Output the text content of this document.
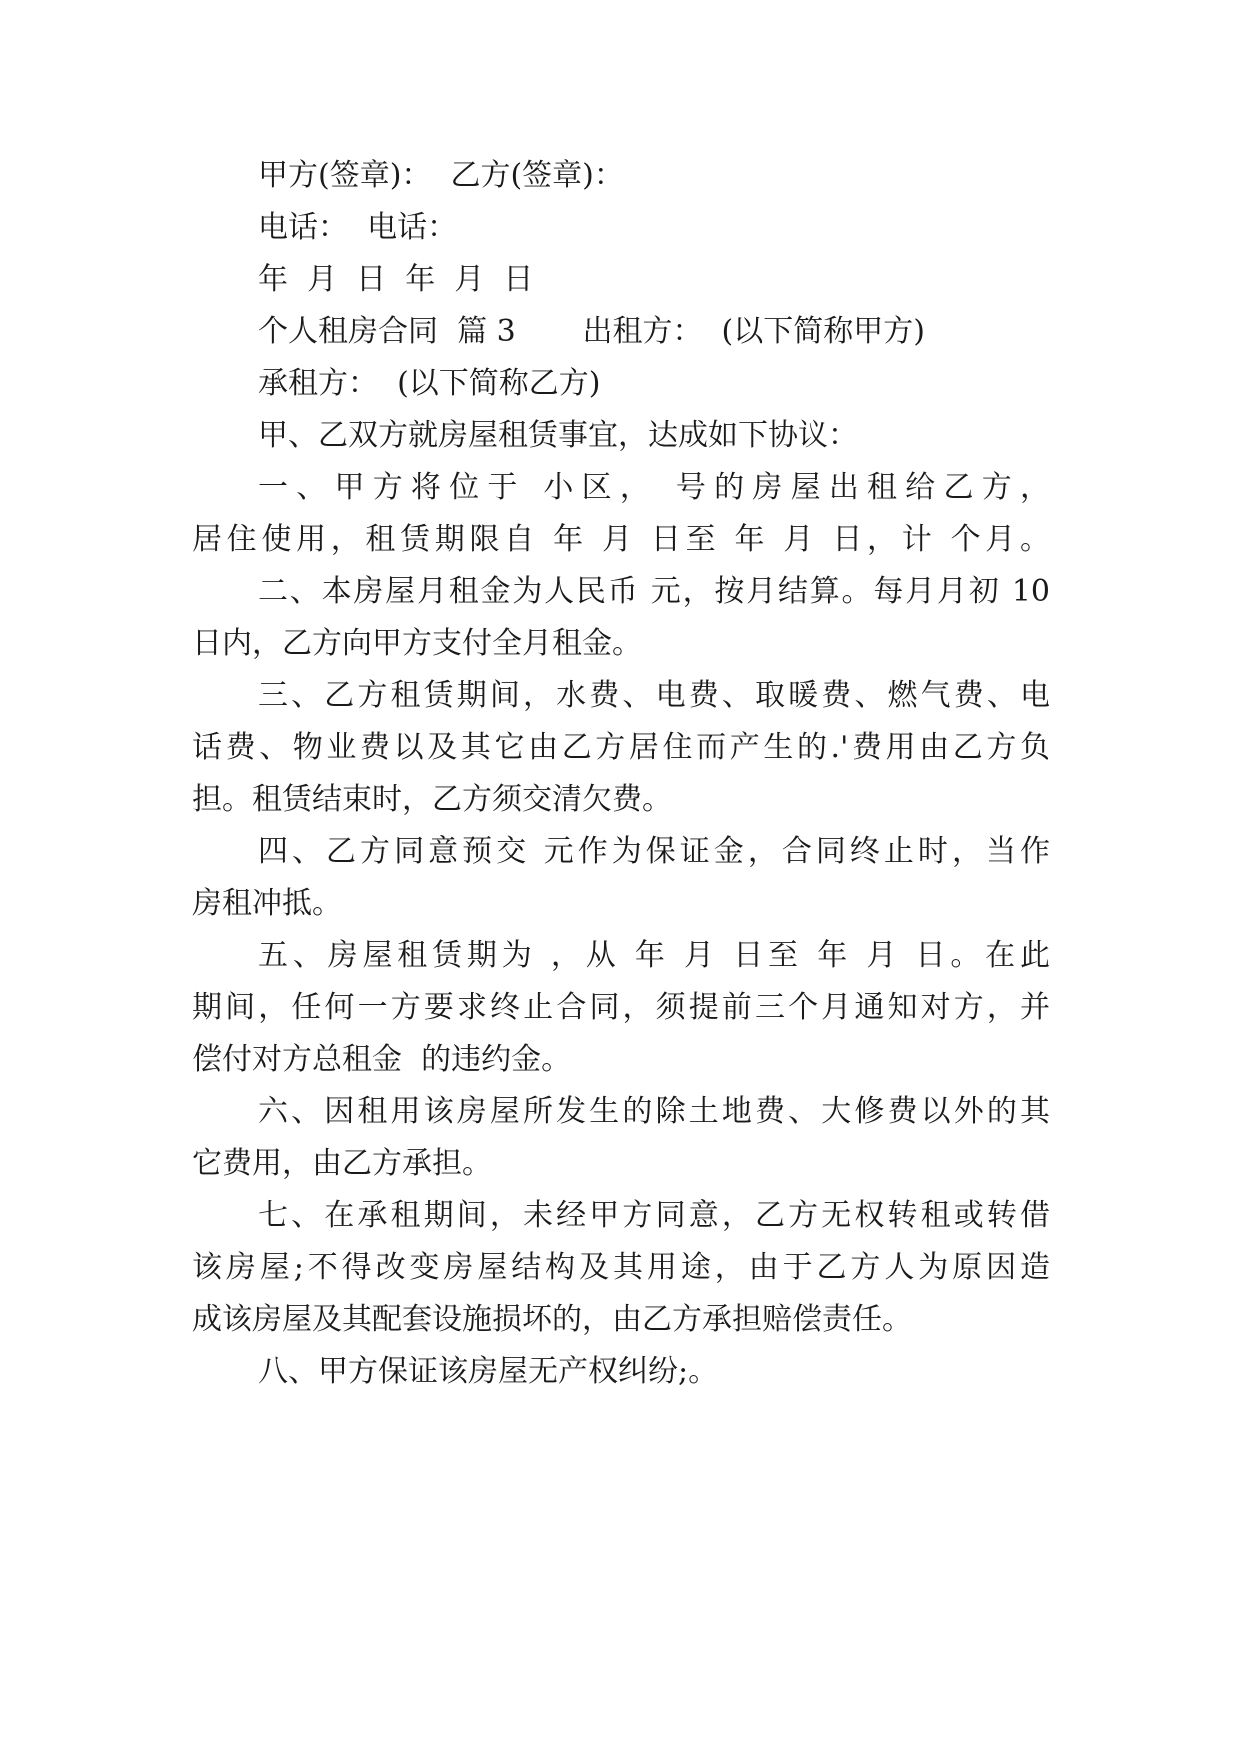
甲方(签章)：  乙方(签章)：
电话：  电话：
年  月  日  年  月  日
个人租房合同  篇 3       出租方：  (以下简称甲方)
承租方：  (以下简称乙方)
甲、乙双方就房屋租赁事宜，达成如下协议：
一、甲方将位于 小区， 号的房屋出租给乙方，
居住使用，租赁期限自 年 月 日至 年 月 日，计 个月。
二、本房屋月租金为人民币 元，按月结算。每月月初 10
日内，乙方向甲方支付全月租金。
三、乙方租赁期间，水费、电费、取暖费、燃气费、电
话费、物业费以及其它由乙方居住而产生的.'费用由乙方负
担。租赁结束时，乙方须交清欠费。
四、乙方同意预交 元作为保证金，合同终止时，当作
房租冲抵。
五、房屋租赁期为 ，从 年 月 日至 年 月 日。在此
期间，任何一方要求终止合同，须提前三个月通知对方，并
偿付对方总租金  的违约金。
六、因租用该房屋所发生的除土地费、大修费以外的其
它费用，由乙方承担。
七、在承租期间，未经甲方同意，乙方无权转租或转借
该房屋;不得改变房屋结构及其用途，由于乙方人为原因造
成该房屋及其配套设施损坏的，由乙方承担赔偿责任。
八、甲方保证该房屋无产权纠纷;。
